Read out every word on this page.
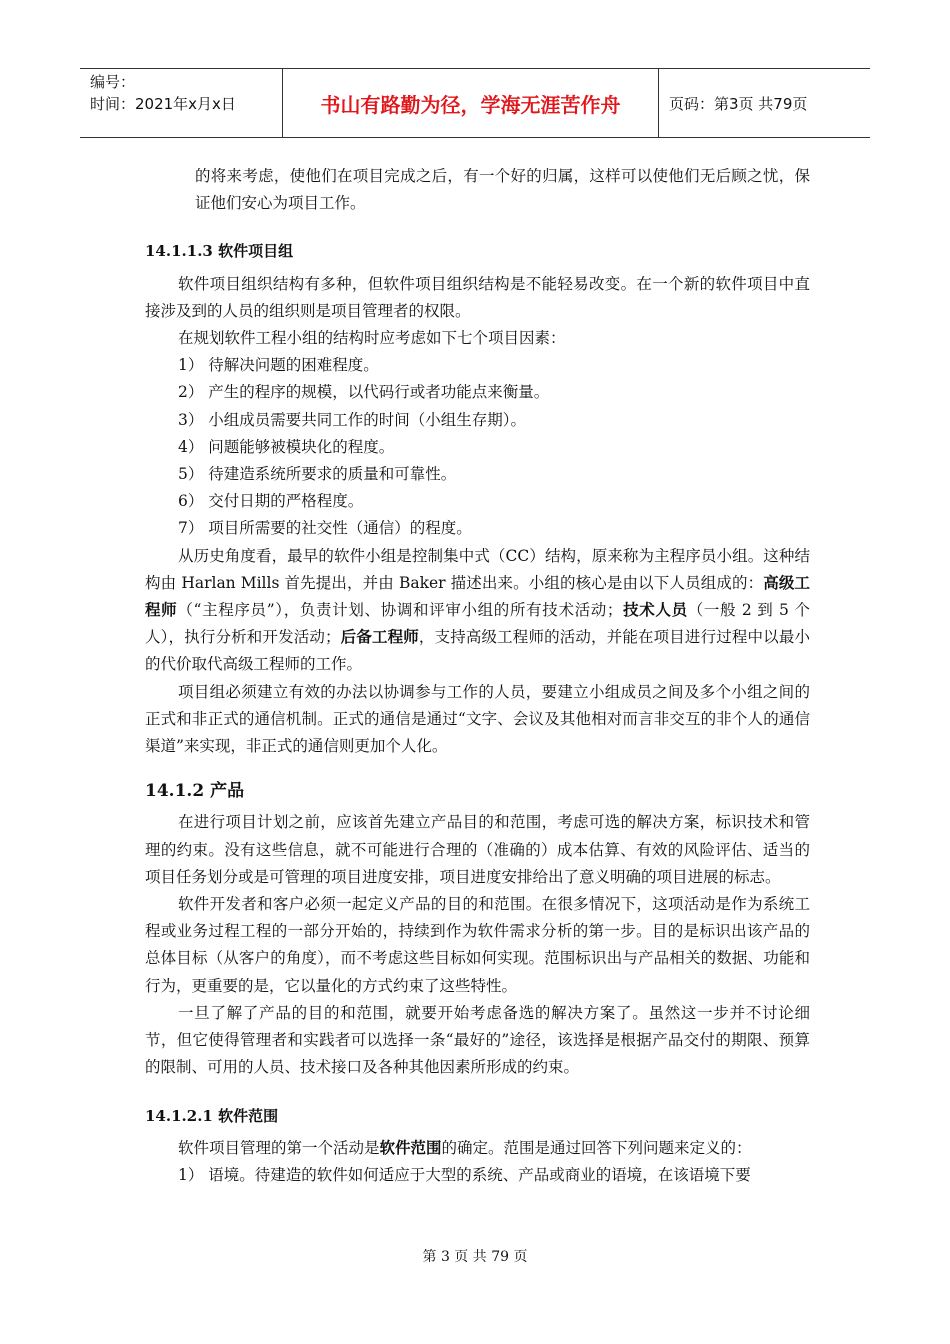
编号：
时间：2021年x月x日	书山有路勤为径，学海无涯苦作舟	页码：第3页 共79页

的将来考虑，使他们在项目完成之后，有一个好的归属，这样可以使他们无后顾之忧，保证他们安心为项目工作。

14.1.1.3 软件项目组

软件项目组织结构有多种，但软件项目组织结构是不能轻易改变。在一个新的软件项目中直接涉及到的人员的组织则是项目管理者的权限。

在规划软件工程小组的结构时应考虑如下七个项目因素：

1） 待解决问题的困难程度。

2） 产生的程序的规模，以代码行或者功能点来衡量。

3） 小组成员需要共同工作的时间（小组生存期）。

4） 问题能够被模块化的程度。

5） 待建造系统所要求的质量和可靠性。

6） 交付日期的严格程度。

7） 项目所需要的社交性（通信）的程度。

从历史角度看，最早的软件小组是控制集中式（CC）结构，原来称为主程序员小组。这种结构由 Harlan Mills 首先提出，并由 Baker 描述出来。小组的核心是由以下人员组成的：高级工程师（“主程序员”），负责计划、协调和评审小组的所有技术活动；技术人员（一般 2 到 5 个人），执行分析和开发活动；后备工程师，支持高级工程师的活动，并能在项目进行过程中以最小的代价取代高级工程师的工作。

项目组必须建立有效的办法以协调参与工作的人员，要建立小组成员之间及多个小组之间的正式和非正式的通信机制。正式的通信是通过“文字、会议及其他相对而言非交互的非个人的通信渠道”来实现，非正式的通信则更加个人化。

14.1.2 产品

在进行项目计划之前，应该首先建立产品目的和范围，考虑可选的解决方案，标识技术和管理的约束。没有这些信息，就不可能进行合理的（准确的）成本估算、有效的风险评估、适当的项目任务划分或是可管理的项目进度安排，项目进度安排给出了意义明确的项目进展的标志。

软件开发者和客户必须一起定义产品的目的和范围。在很多情况下，这项活动是作为系统工程或业务过程工程的一部分开始的，持续到作为软件需求分析的第一步。目的是标识出该产品的总体目标（从客户的角度），而不考虑这些目标如何实现。范围标识出与产品相关的数据、功能和行为，更重要的是，它以量化的方式约束了这些特性。

一旦了解了产品的目的和范围，就要开始考虑备选的解决方案了。虽然这一步并不讨论细节，但它使得管理者和实践者可以选择一条“最好的”途径，该选择是根据产品交付的期限、预算的限制、可用的人员、技术接口及各种其他因素所形成的约束。

14.1.2.1 软件范围

软件项目管理的第一个活动是软件范围的确定。范围是通过回答下列问题来定义的：

1） 语境。待建造的软件如何适应于大型的系统、产品或商业的语境，在该语境下要

第 3 页 共 79 页
